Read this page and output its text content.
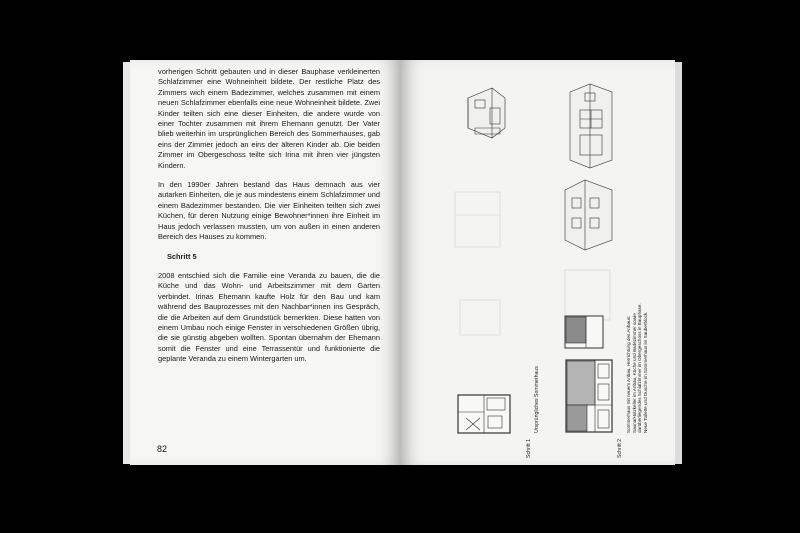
vorherigen Schritt gebauten und in dieser Bauphase verkleinerten Schlafzimmer eine Wohneinheit bildete. Der restliche Platz des Zimmers wich einem Badezimmer, welches zusammen mit einem neuen Schlafzimmer ebenfalls eine neue Wohneinheit bildete. Zwei Kinder teilten sich eine dieser Einheiten, die andere wurde von einer Tochter zusammen mit ihrem Ehemann genutzt. Der Vater blieb weiterhin im ursprünglichen Bereich des Sommerhauses, gab eins der Zimmer jedoch an eins der älteren Kinder ab. Die beiden Zimmer im Obergeschoss teilte sich Irina mit ihren vier jüngsten Kindern.

In den 1990er Jahren bestand das Haus demnach aus vier autarken Einheiten, die je aus mindestens einem Schlafzimmer und einem Badezimmer bestanden. Die vier Einheiten teilten sich zwei Küchen, für deren Nutzung einige Bewohner*innen ihre Einheit im Haus jedoch verlassen mussten, um von außen in einen anderen Bereich des Hauses zu kommen.

Schritt 5

2008 entschied sich die Familie eine Veranda zu bauen, die die Küche und das Wohn- und Arbeitszimmer mit dem Garten verbindet. Irinas Ehemann kaufte Holz für den Bau und kam während des Bauprozesses mit den Nachbar*innen ins Gespräch, die die Arbeiten auf dem Grundstück bemerkten. Diese hatten von einem Umbau noch einige Fenster in verschiedenen Größen übrig, die sie günstig abgeben wollten. Spontan übernahm der Ehemann somit die Fenster und eine Terrassentür und funktionierte die geplante Veranda zu einem Wintergarten um.

82	Schritt 1
Ursprüngliches Sommerhaus
Schritt 2
Sommerhaus mit neuem Anbau. Herrichtung des Anbaus: Sauna/Holzkeller im Anbau, Küche und Badezimmer sowie darüberliegendes Schlafzimmer im Obergeschoss in Bauphase. Neue Toilette und Dusche im Sommerhaus im Sauberblock.
